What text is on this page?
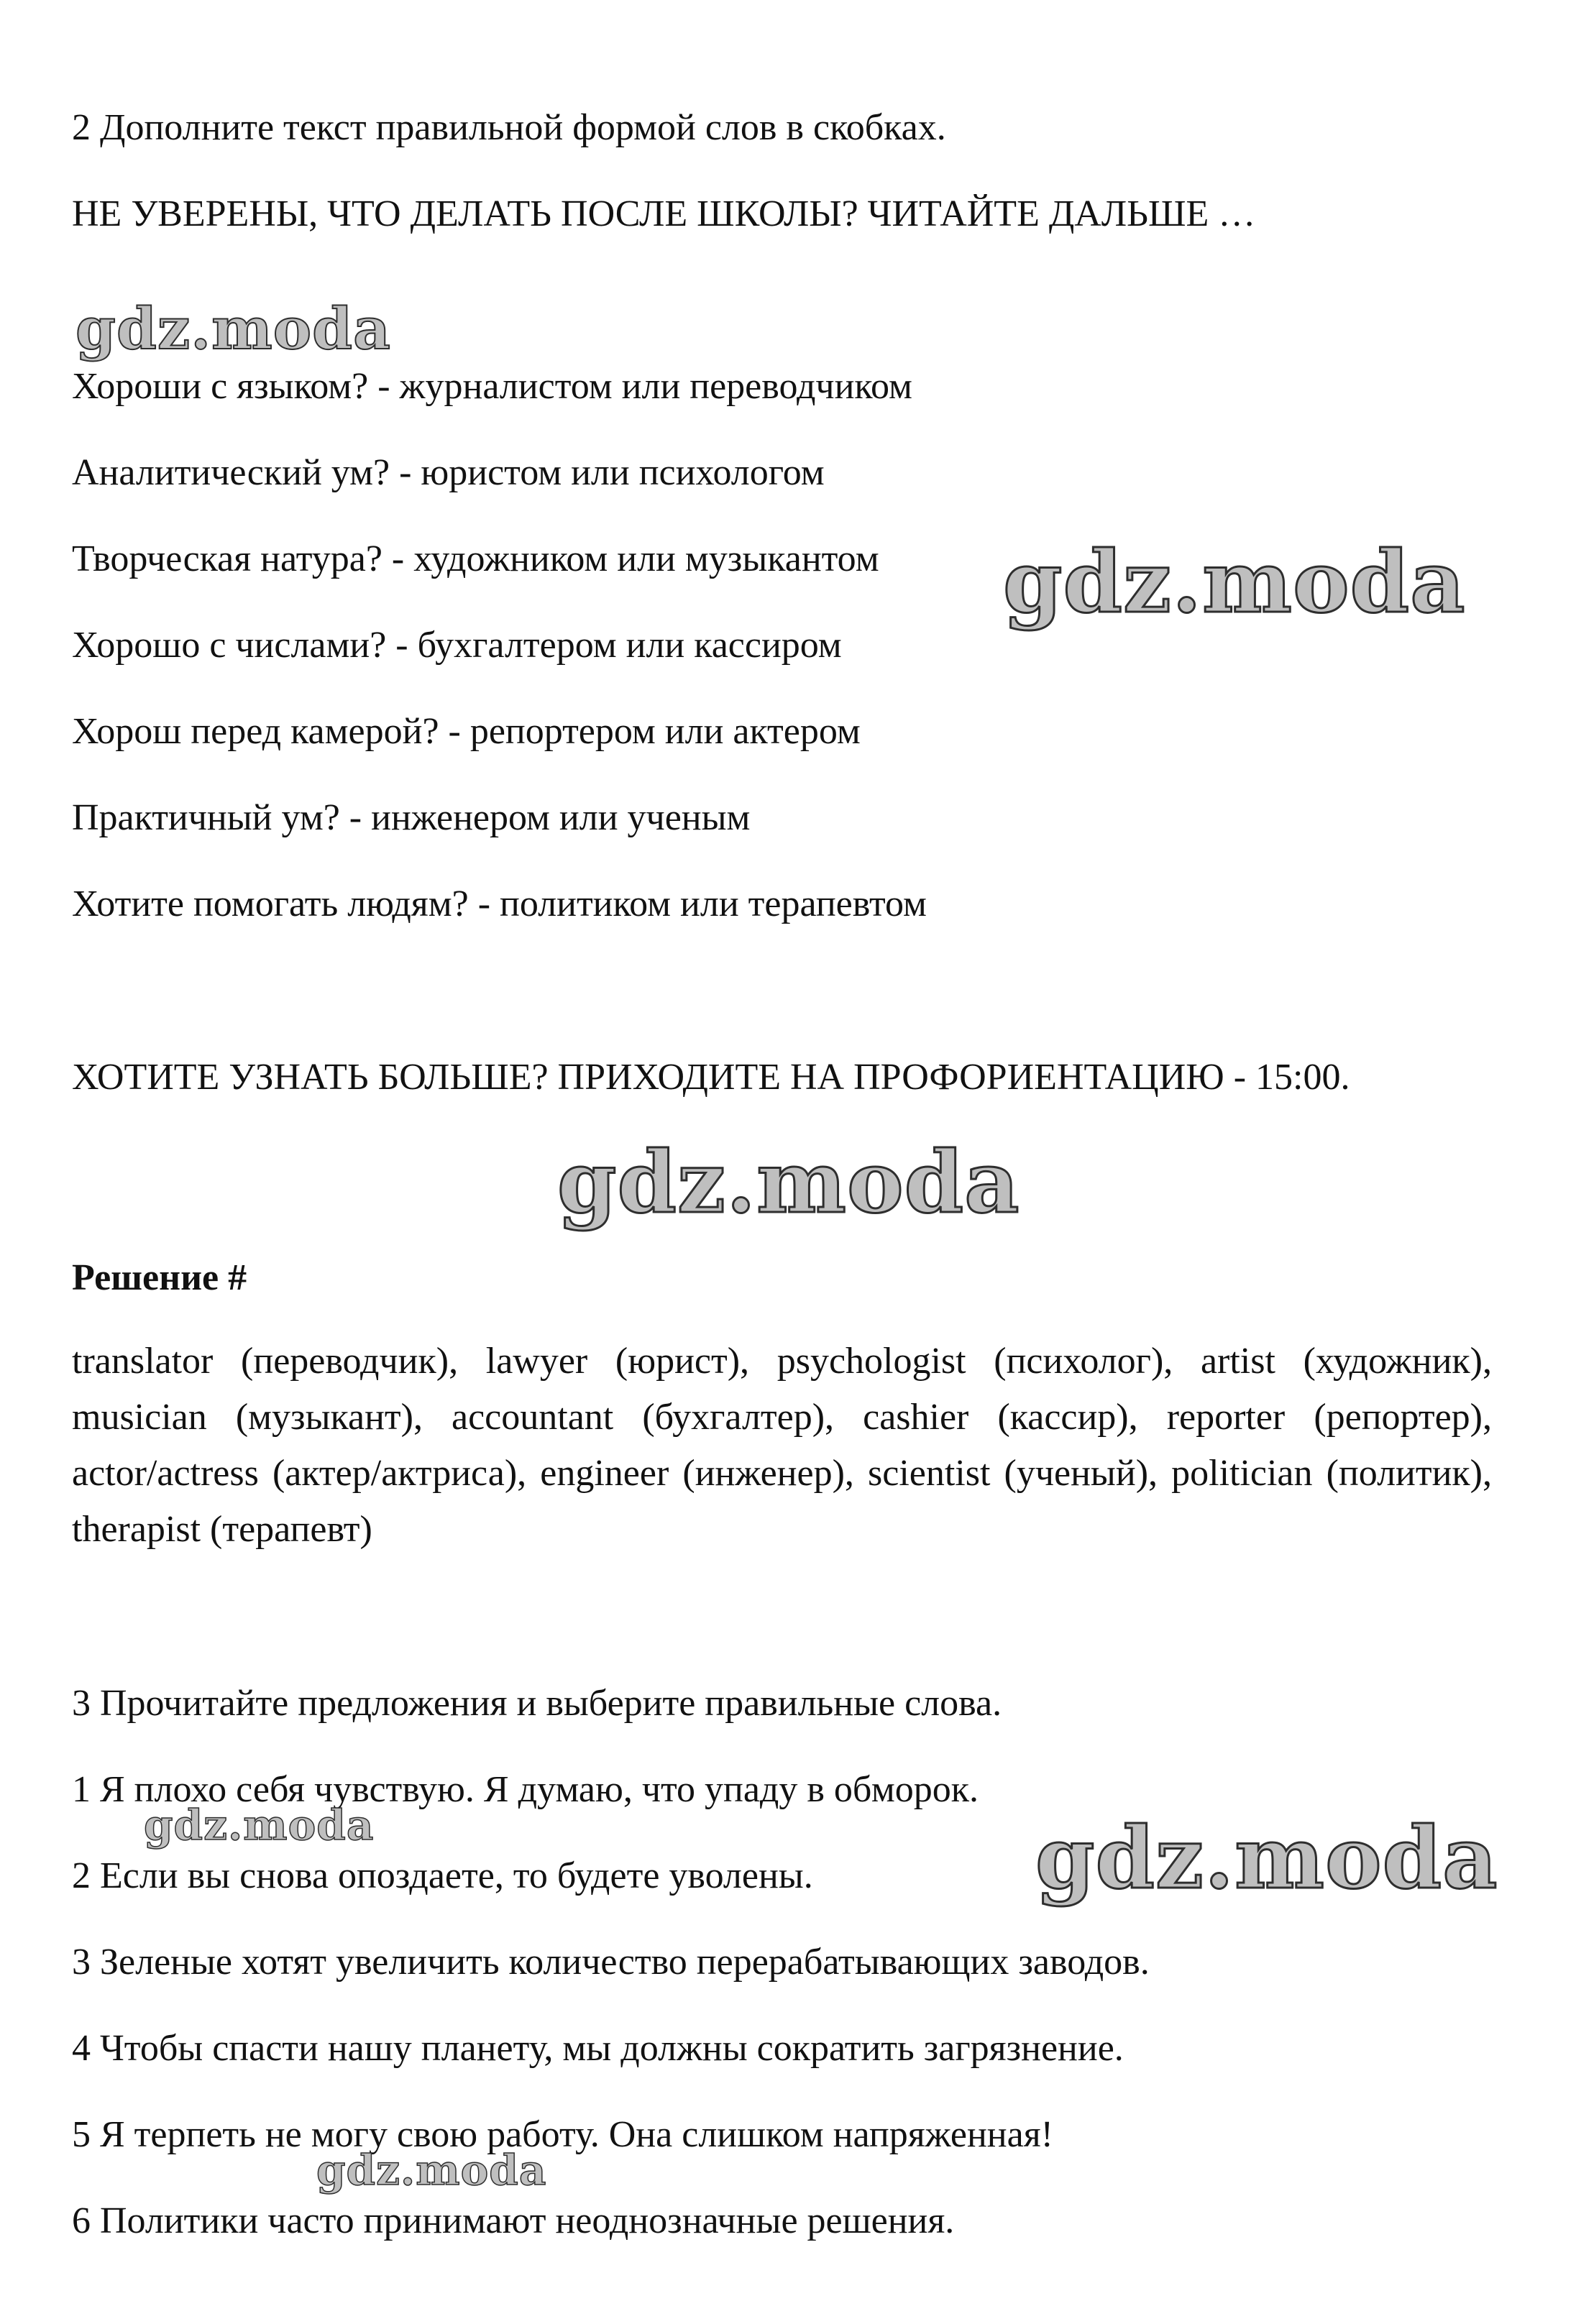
2 Дополните текст правильной формой слов в скобках.
НЕ УВЕРЕНЫ, ЧТО ДЕЛАТЬ ПОСЛЕ ШКОЛЫ? ЧИТАЙТЕ ДАЛЬШЕ …
Хороши с языком? - журналистом или переводчиком
Аналитический ум? - юристом или психологом
Творческая натура? - художником или музыкантом
Хорошо с числами? - бухгалтером или кассиром
Хорош перед камерой? - репортером или актером
Практичный ум? - инженером или ученым
Хотите помогать людям? - политиком или терапевтом
ХОТИТЕ УЗНАТЬ БОЛЬШЕ? ПРИХОДИТЕ НА ПРОФОРИЕНТАЦИЮ - 15:00.
Решение #
translator (переводчик), lawyer (юрист), psychologist (психолог), artist (художник), musician (музыкант), accountant (бухгалтер), cashier (кассир), reporter (репортер), actor/actress (актер/актриса), engineer (инженер), scientist (ученый), politician (политик), therapist (терапевт)
3 Прочитайте предложения и выберите правильные слова.
1 Я плохо себя чувствую. Я думаю, что упаду в обморок.
2 Если вы снова опоздаете, то будете уволены.
3 Зеленые хотят увеличить количество перерабатывающих заводов.
4 Чтобы спасти нашу планету, мы должны сократить загрязнение.
5 Я терпеть не могу свою работу. Она слишком напряженная!
6 Политики часто принимают неоднозначные решения.
gdz.moda
gdz.moda
gdz.moda
gdz.moda	gdz.moda
gdz.moda
